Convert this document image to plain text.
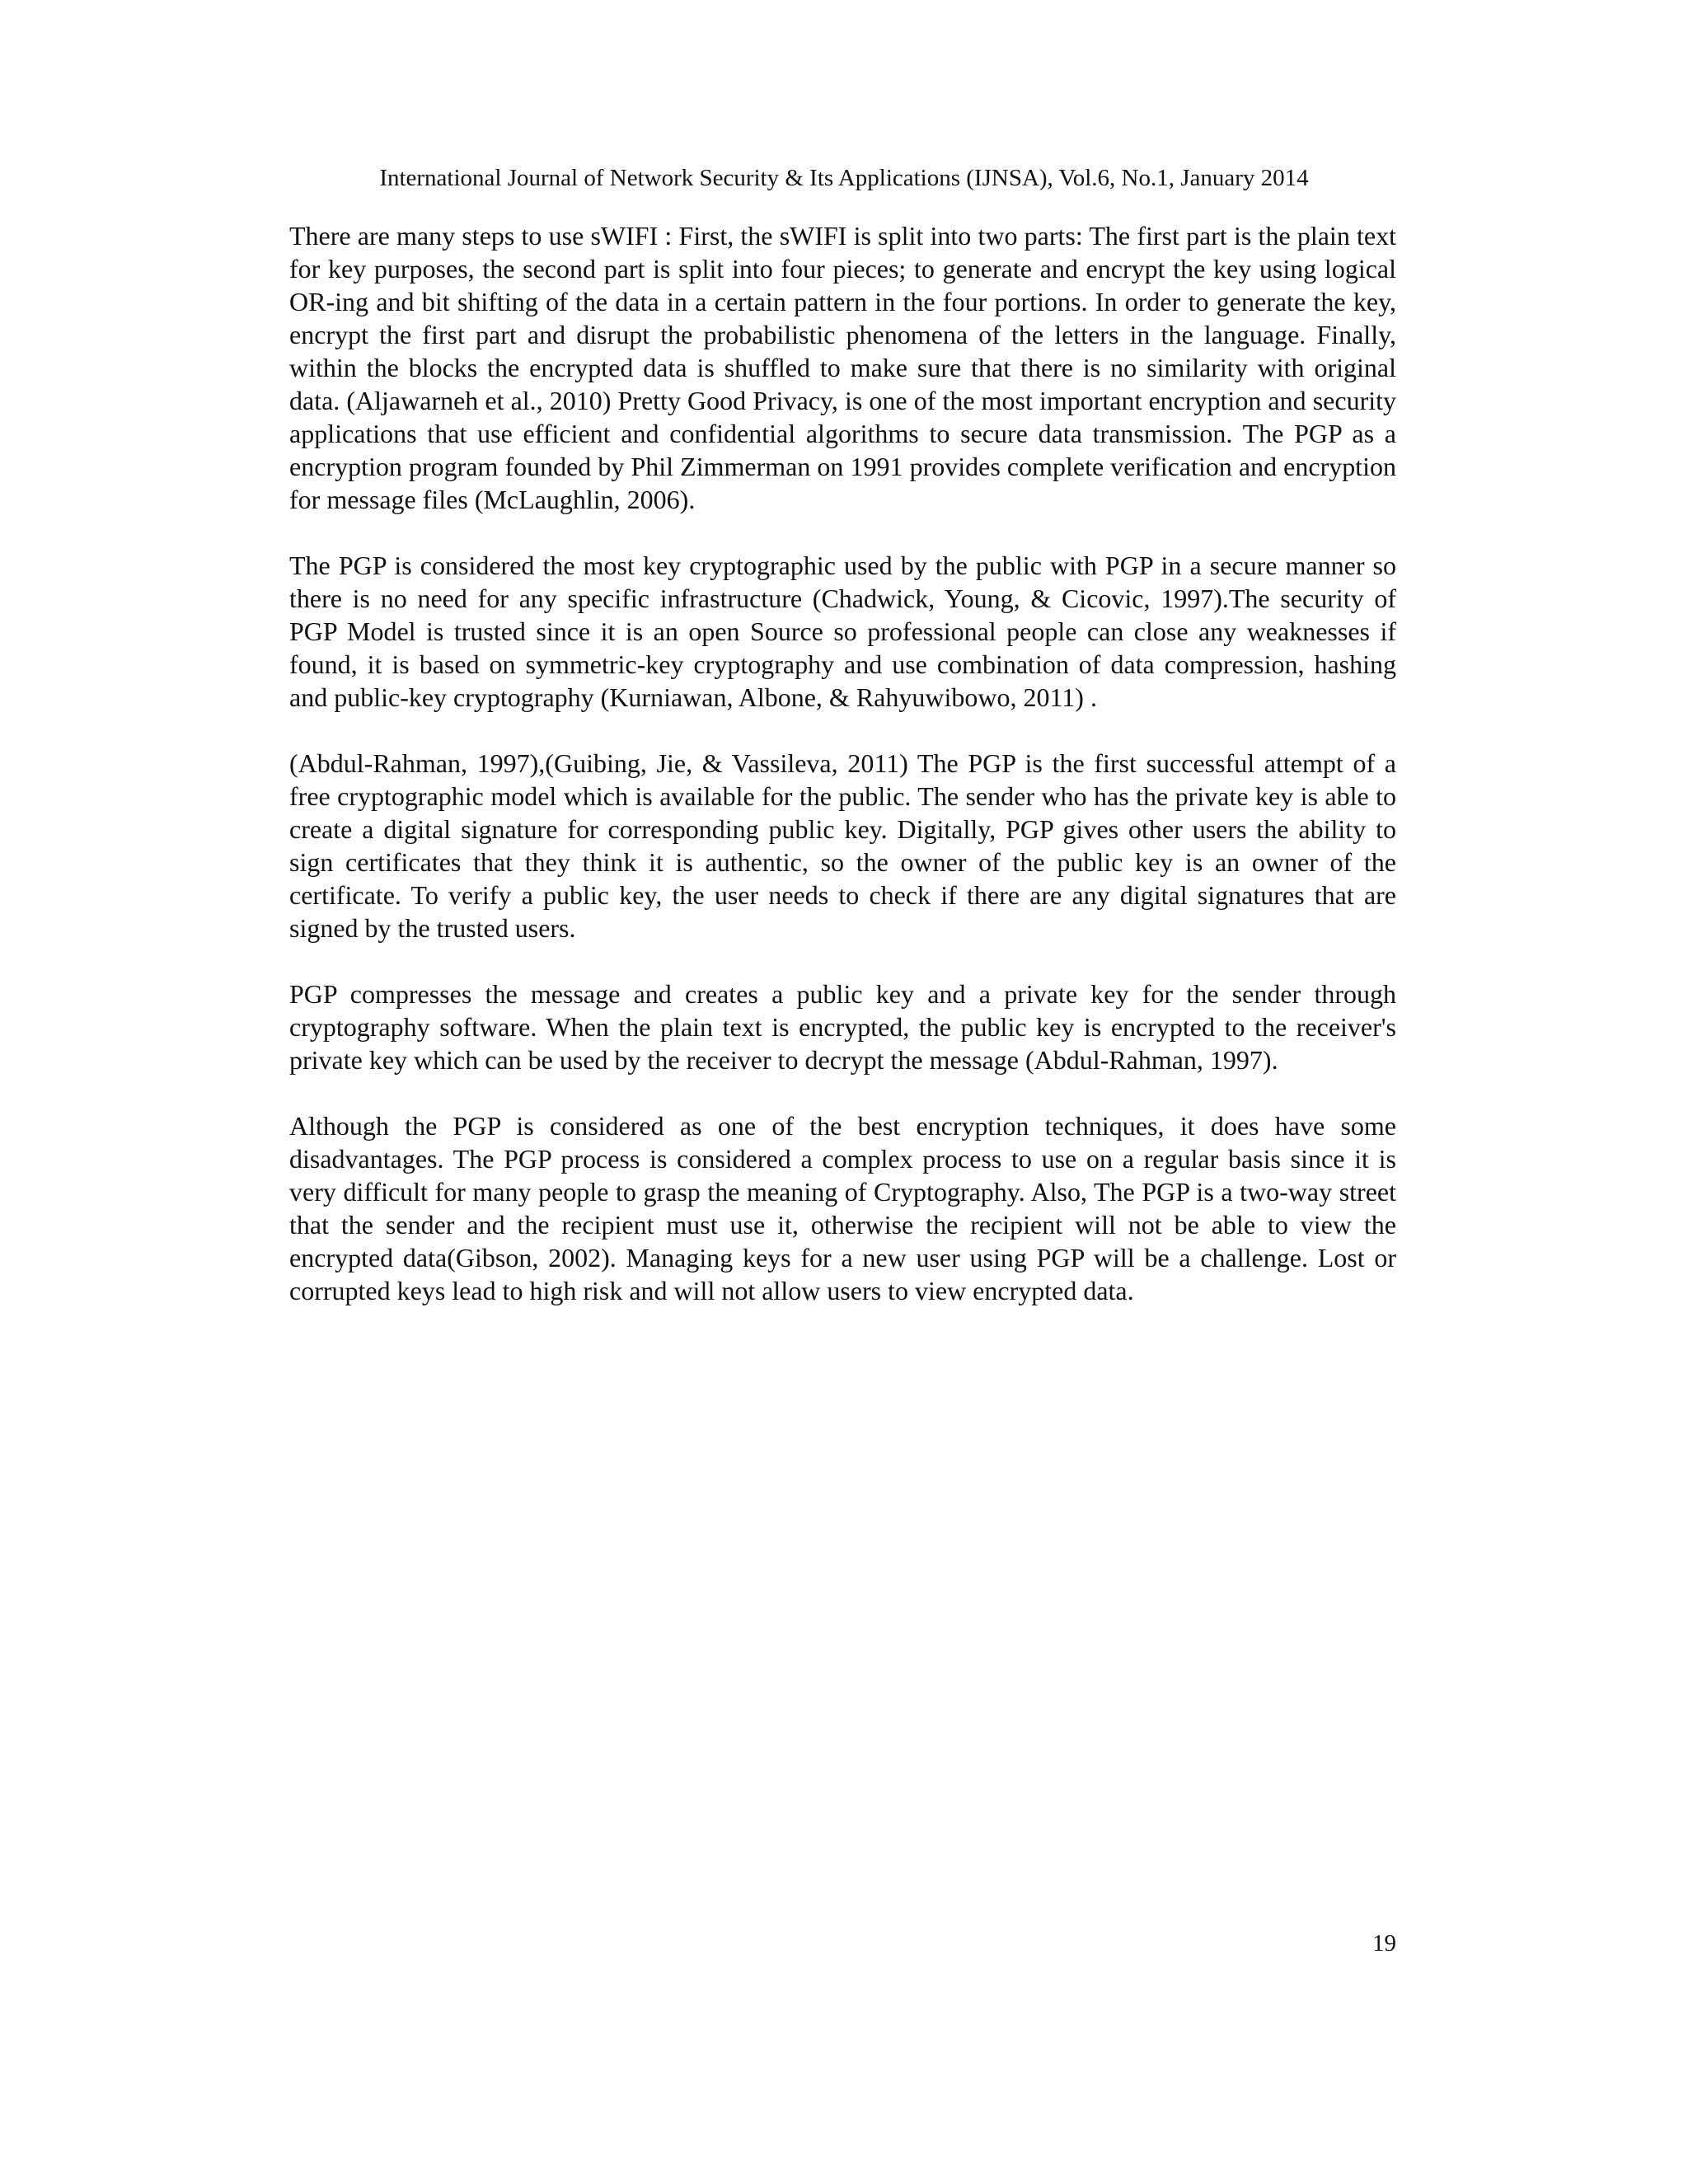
International Journal of Network Security & Its Applications (IJNSA), Vol.6, No.1, January 2014

There are many steps to use sWIFI : First, the sWIFI is split into two parts: The first part is the plain text for key purposes, the second part is split into four pieces; to generate and encrypt the key using logical OR-ing and bit shifting of the data in a certain pattern in the four portions. In order to generate the key, encrypt the first part and disrupt the probabilistic phenomena of the letters in the language. Finally, within the blocks the encrypted data is shuffled to make sure that there is no similarity with original data. (Aljawarneh et al., 2010) Pretty Good Privacy, is one of the most important encryption and security applications that use efficient and confidential algorithms to secure data transmission. The PGP as a encryption program founded by Phil Zimmerman on 1991 provides complete verification and encryption for message files (McLaughlin, 2006).

The PGP is considered the most key cryptographic used by the public with PGP in a secure manner so there is no need for any specific infrastructure (Chadwick, Young, & Cicovic, 1997).The security of PGP Model is trusted since it is an open Source so professional people can close any weaknesses if found, it is based on symmetric-key cryptography and use combination of data compression, hashing and public-key cryptography (Kurniawan, Albone, & Rahyuwibowo, 2011) .

(Abdul-Rahman, 1997),(Guibing, Jie, & Vassileva, 2011) The PGP is the first successful attempt of a free cryptographic model which is available for the public. The sender who has the private key is able to create a digital signature for corresponding public key. Digitally, PGP gives other users the ability to sign certificates that they think it is authentic, so the owner of the public key is an owner of the certificate. To verify a public key, the user needs to check if there are any digital signatures that are signed by the trusted users.

PGP compresses the message and creates a public key and a private key for the sender through cryptography software. When the plain text is encrypted, the public key is encrypted to the receiver's private key which can be used by the receiver to decrypt the message (Abdul-Rahman, 1997).

Although the PGP is considered as one of the best encryption techniques, it does have some disadvantages. The PGP process is considered a complex process to use on a regular basis since it is very difficult for many people to grasp the meaning of Cryptography. Also, The PGP is a two-way street that the sender and the recipient must use it, otherwise the recipient will not be able to view the encrypted data(Gibson, 2002). Managing keys for a new user using PGP will be a challenge. Lost or corrupted keys lead to high risk and will not allow users to view encrypted data.

19
